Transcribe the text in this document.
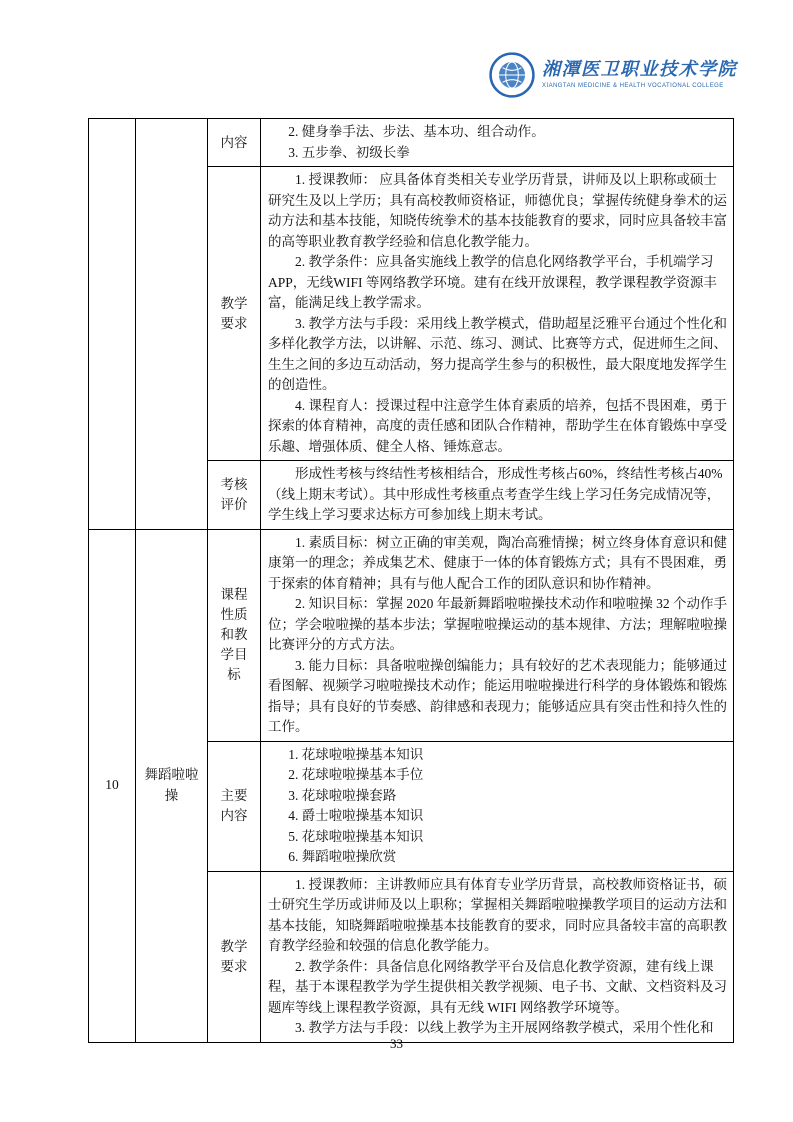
湘潭医卫职业技术学院
XIANGTAN MEDICINE & HEALTH VOCATIONAL COLLEGE
内容
2. 健身拳手法、步法、基本功、组合动作。
3. 五步拳、初级长拳
教学要求

1. 授课教师： 应具备体育类相关专业学历背景，讲师及以上职称或硕士研究生及以上学历；具有高校教师资格证，师德优良；掌握传统健身拳术的运动方法和基本技能，知晓传统拳术的基本技能教育的要求，同时应具备较丰富的高等职业教育教学经验和信息化教学能力。

2. 教学条件：应具备实施线上教学的信息化网络教学平台，手机端学习APP，无线WIFI 等网络教学环境。建有在线开放课程，教学课程教学资源丰富，能满足线上教学需求。

3. 教学方法与手段：采用线上教学模式，借助超星泛雅平台通过个性化和多样化教学方法，以讲解、示范、练习、测试、比赛等方式，促进师生之间、生生之间的多边互动活动，努力提高学生参与的积极性，最大限度地发挥学生的创造性。

4. 课程育人：授课过程中注意学生体育素质的培养，包括不畏困难，勇于探索的体育精神，高度的责任感和团队合作精神，帮助学生在体育锻炼中享受乐趣、增强体质、健全人格、锤炼意志。

考核评价

形成性考核与终结性考核相结合，形成性考核占60%，终结性考核占40%（线上期末考试）。其中形成性考核重点考查学生线上学习任务完成情况等，学生线上学习要求达标方可参加线上期末考试。

10
舞蹈啦啦操
课程性质和教学目标

1. 素质目标：树立正确的审美观，陶冶高雅情操；树立终身体育意识和健康第一的理念；养成集艺术、健康于一体的体育锻炼方式；具有不畏困难，勇于探索的体育精神；具有与他人配合工作的团队意识和协作精神。

2. 知识目标：掌握 2020 年最新舞蹈啦啦操技术动作和啦啦操 32 个动作手位；学会啦啦操的基本步法；掌握啦啦操运动的基本规律、方法；理解啦啦操比赛评分的方式方法。

3. 能力目标：具备啦啦操创编能力；具有较好的艺术表现能力；能够通过看图解、视频学习啦啦操技术动作；能运用啦啦操进行科学的身体锻炼和锻炼指导；具有良好的节奏感、韵律感和表现力；能够适应具有突击性和持久性的工作。

主要内容
1. 花球啦啦操基本知识
2. 花球啦啦操基本手位
3. 花球啦啦操套路
4. 爵士啦啦操基本知识
5. 花球啦啦操基本知识
6. 舞蹈啦啦操欣赏
教学要求

1. 授课教师：主讲教师应具有体育专业学历背景，高校教师资格证书，硕士研究生学历或讲师及以上职称；掌握相关舞蹈啦啦操教学项目的运动方法和基本技能，知晓舞蹈啦啦操基本技能教育的要求，同时应具备较丰富的高职教育教学经验和较强的信息化教学能力。

2. 教学条件：具备信息化网络教学平台及信息化教学资源，建有线上课程，基于本课程教学为学生提供相关教学视频、电子书、文献、文档资料及习题库等线上课程教学资源，具有无线 WIFI 网络教学环境等。

3. 教学方法与手段：以线上教学为主开展网络教学模式，采用个性化和

33
